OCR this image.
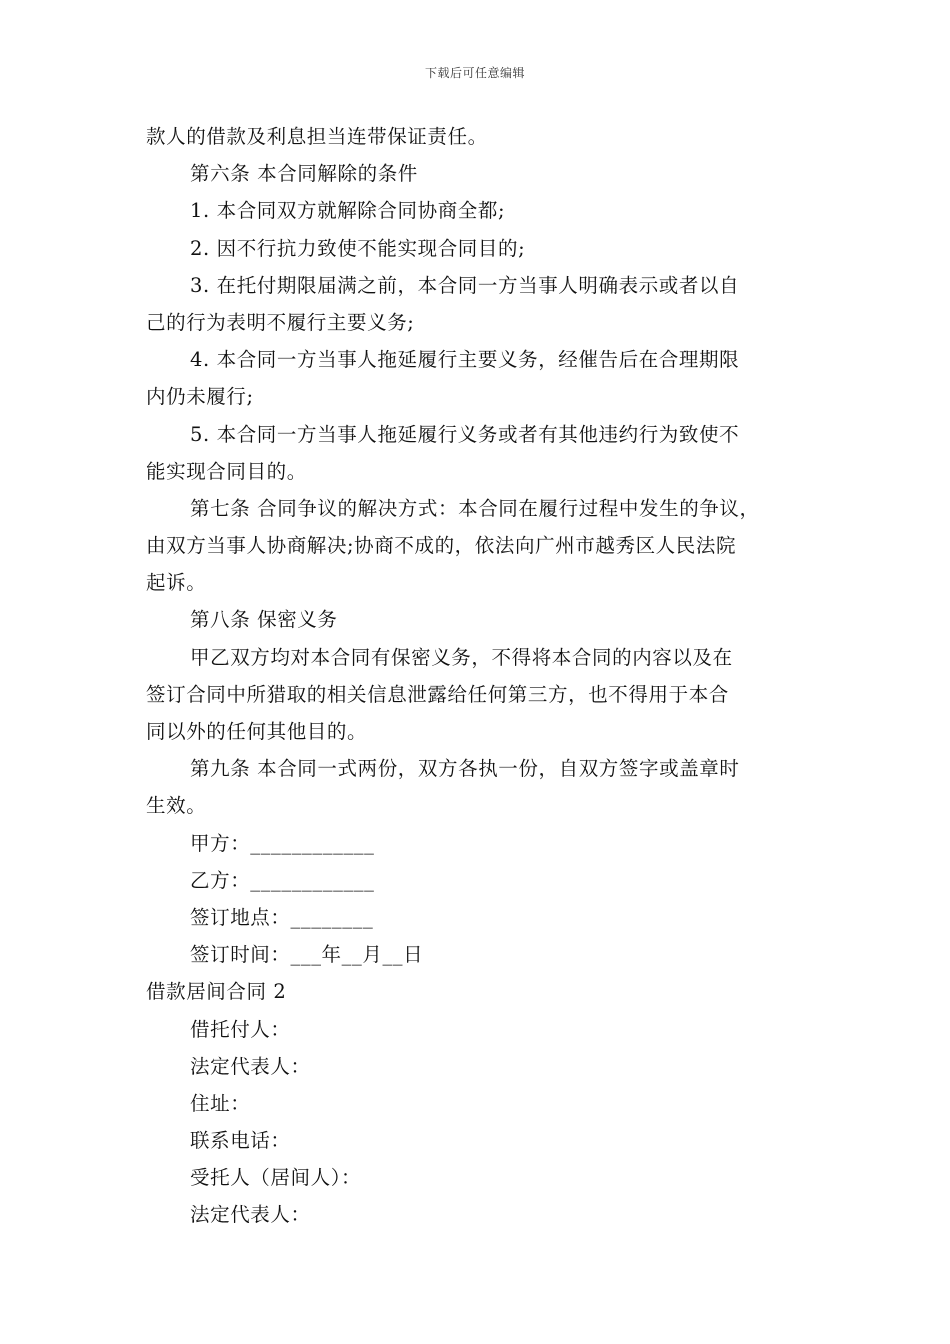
下载后可任意编辑
款人的借款及利息担当连带保证责任。
第六条 本合同解除的条件
1. 本合同双方就解除合同协商全都;
2. 因不行抗力致使不能实现合同目的;
3. 在托付期限届满之前，本合同一方当事人明确表示或者以自
己的行为表明不履行主要义务;
4. 本合同一方当事人拖延履行主要义务，经催告后在合理期限
内仍未履行;
5. 本合同一方当事人拖延履行义务或者有其他违约行为致使不
能实现合同目的。
第七条 合同争议的解决方式：本合同在履行过程中发生的争议，
由双方当事人协商解决;协商不成的，依法向广州市越秀区人民法院
起诉。
第八条 保密义务
甲乙双方均对本合同有保密义务，不得将本合同的内容以及在
签订合同中所猎取的相关信息泄露给任何第三方，也不得用于本合
同以外的任何其他目的。
第九条 本合同一式两份，双方各执一份，自双方签字或盖章时
生效。
甲方：____________
乙方：____________
签订地点：________
签订时间：___年__月__日
借款居间合同 2
借托付人：
法定代表人：
住址：
联系电话：
受托人（居间人）：
法定代表人：
